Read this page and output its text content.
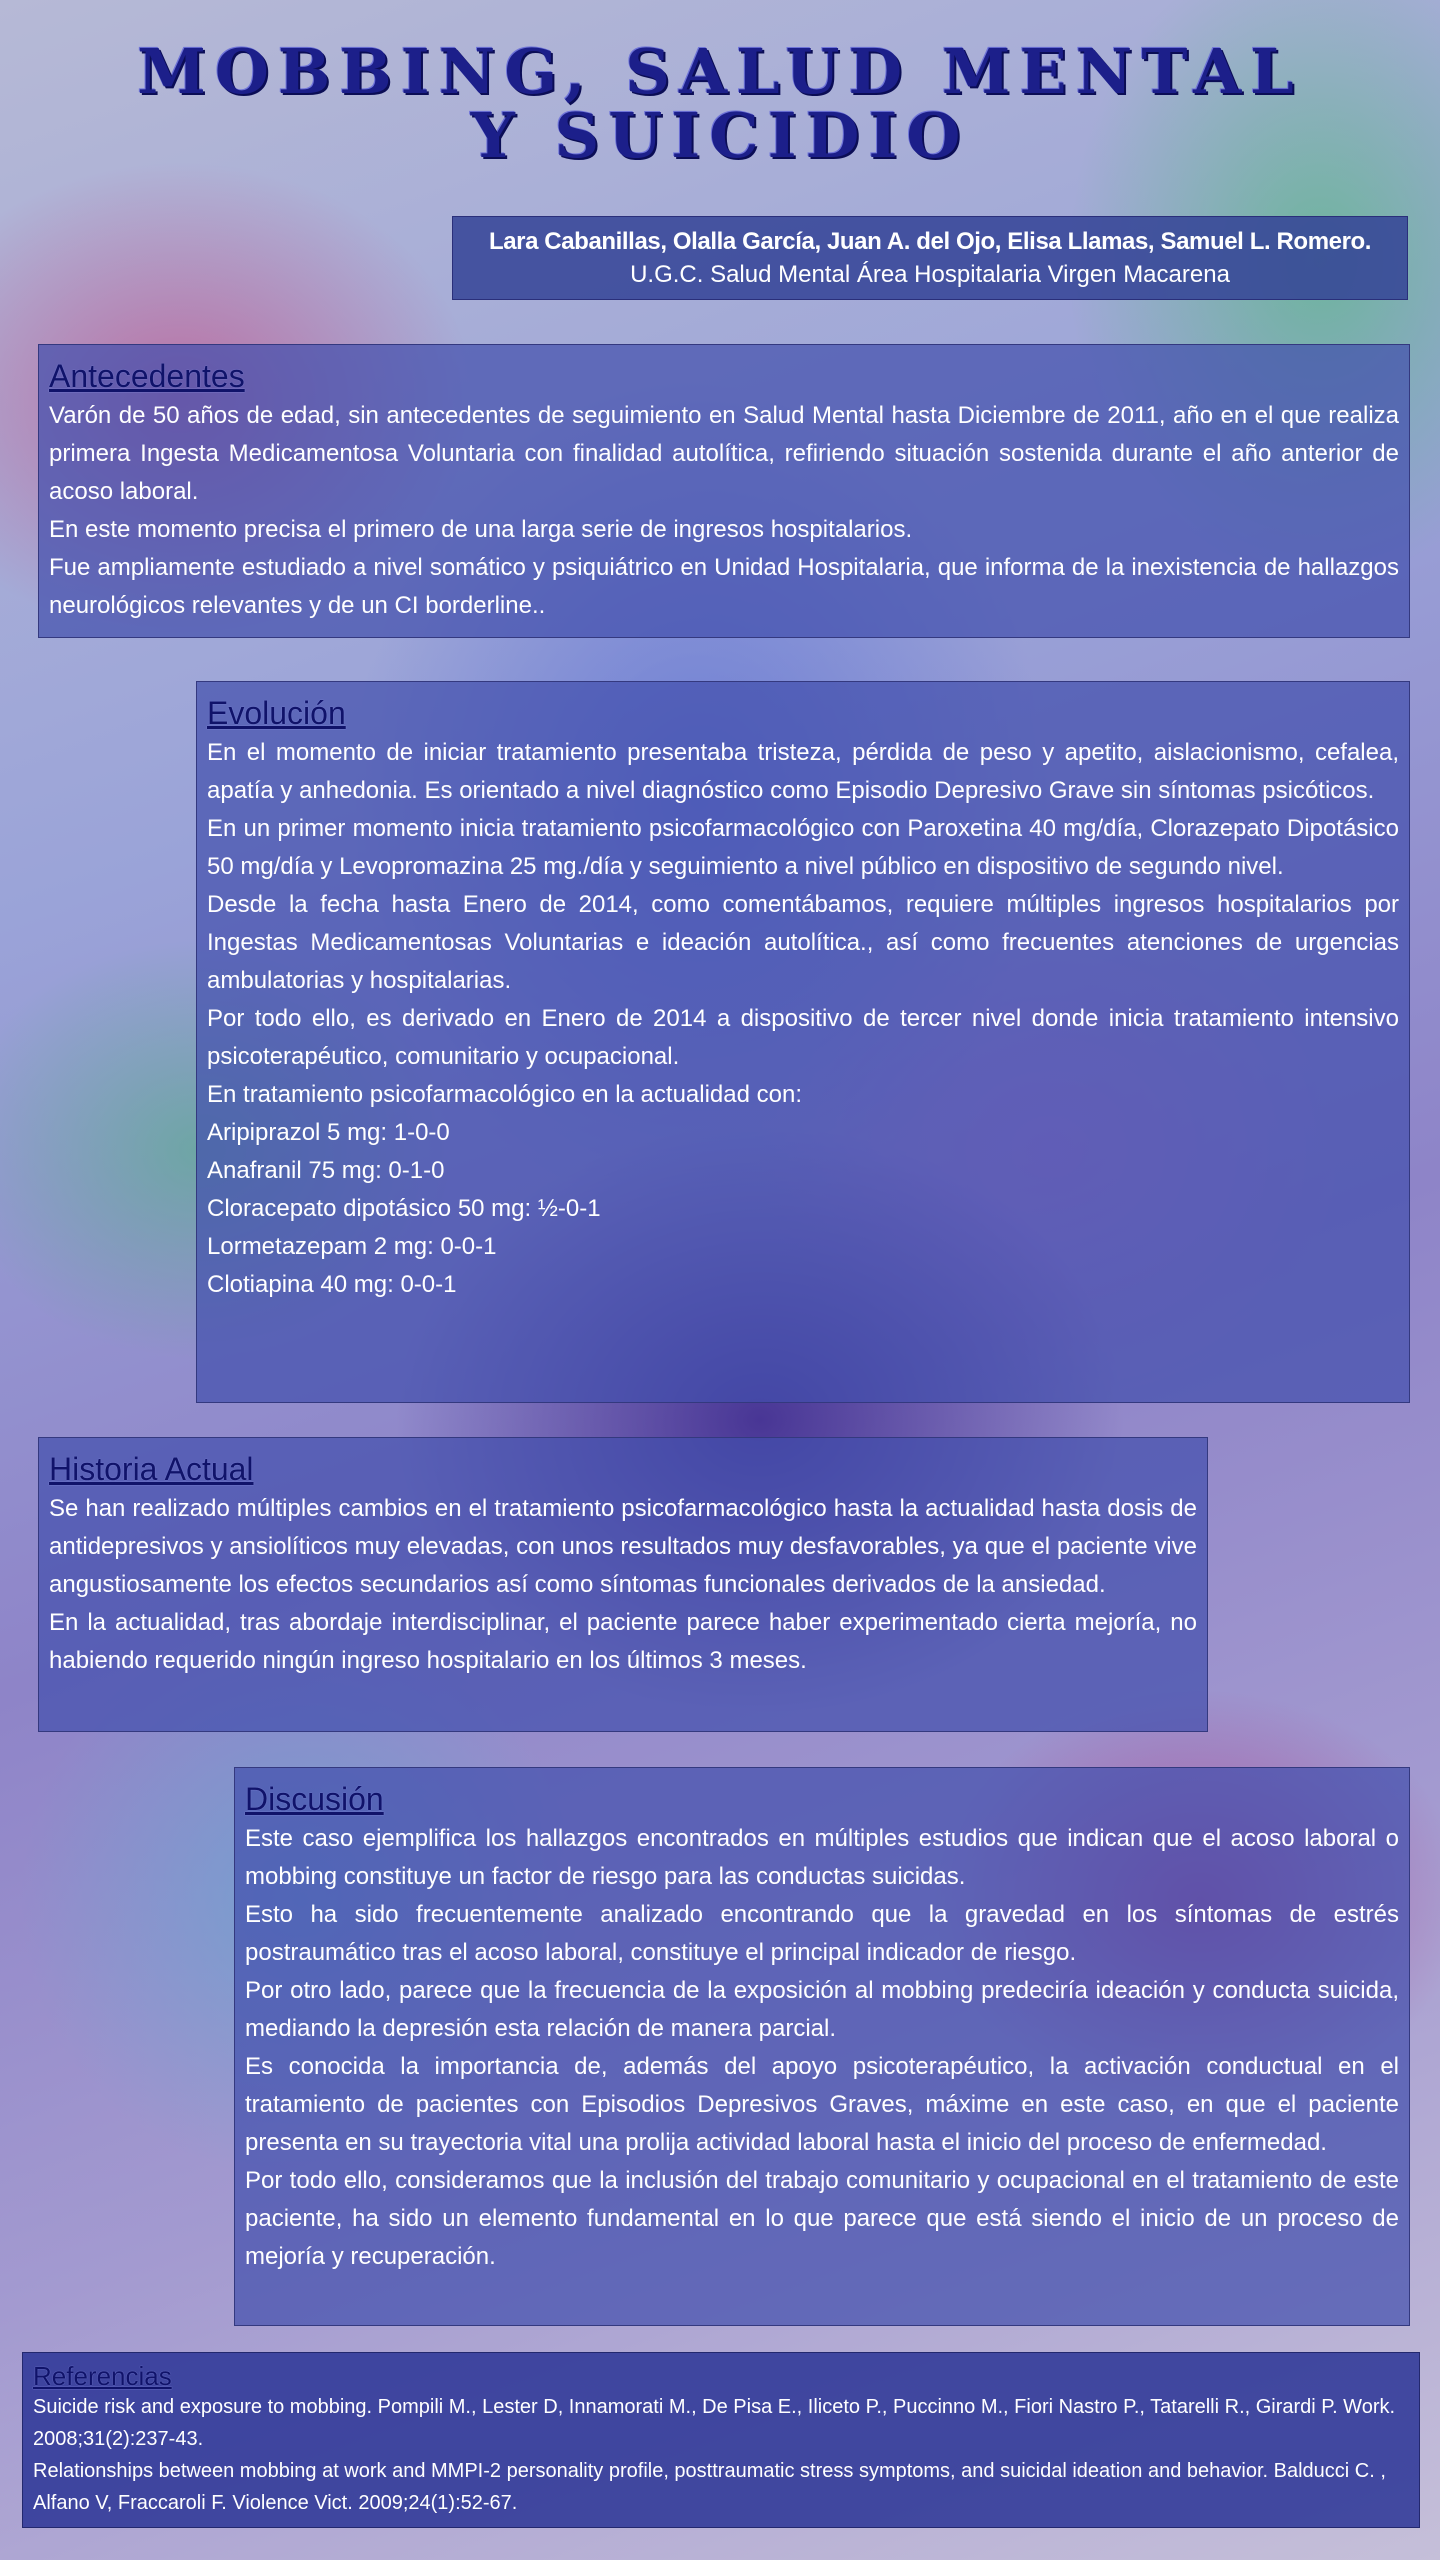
MOBBING, SALUD MENTAL
Y SUICIDIO
Lara Cabanillas, Olalla García, Juan A. del Ojo, Elisa Llamas, Samuel L. Romero.
U.G.C. Salud Mental Área Hospitalaria Virgen Macarena
Antecedentes

Varón de 50 años de edad, sin antecedentes de seguimiento en Salud Mental hasta Diciembre de 2011, año en el que realiza primera Ingesta Medicamentosa Voluntaria con finalidad autolítica, refiriendo situación sostenida durante el año anterior de acoso laboral.

En este momento precisa el primero de una larga serie de ingresos hospitalarios.

Fue ampliamente estudiado a nivel somático y psiquiátrico en Unidad Hospitalaria, que informa de la inexistencia de hallazgos neurológicos relevantes y de un CI borderline..

Evolución

En el momento de iniciar tratamiento presentaba tristeza, pérdida de peso y apetito, aislacionismo, cefalea, apatía y anhedonia. Es orientado a nivel diagnóstico como Episodio Depresivo Grave sin síntomas psicóticos.

En un primer momento inicia tratamiento psicofarmacológico con Paroxetina 40 mg/día, Clorazepato Dipotásico 50 mg/día y Levopromazina 25 mg./día y seguimiento a nivel público en dispositivo de segundo nivel.

Desde la fecha hasta Enero de 2014, como comentábamos, requiere múltiples ingresos hospitalarios por Ingestas Medicamentosas Voluntarias e ideación autolítica., así como frecuentes atenciones de urgencias ambulatorias y hospitalarias.

Por todo ello, es derivado en Enero de 2014 a dispositivo de tercer nivel donde inicia tratamiento intensivo psicoterapéutico, comunitario y ocupacional.

En tratamiento psicofarmacológico en la actualidad con:

Aripiprazol 5 mg: 1-0-0

Anafranil 75 mg: 0-1-0

Cloracepato dipotásico 50 mg: ½-0-1

Lormetazepam 2 mg: 0-0-1

Clotiapina 40 mg: 0-0-1

Historia Actual

Se han realizado múltiples cambios en el tratamiento psicofarmacológico hasta la actualidad hasta dosis de antidepresivos y ansiolíticos muy elevadas, con unos resultados muy desfavorables, ya que el paciente vive angustiosamente los efectos secundarios así como síntomas funcionales derivados de la ansiedad.

En la actualidad, tras abordaje interdisciplinar, el paciente parece haber experimentado cierta mejoría, no habiendo requerido ningún ingreso hospitalario en los últimos 3 meses.

Discusión

Este caso ejemplifica los hallazgos encontrados en múltiples estudios que indican que el acoso laboral o mobbing constituye un factor de riesgo para las conductas suicidas.

Esto ha sido frecuentemente analizado encontrando que la gravedad en los síntomas de estrés postraumático tras el acoso laboral, constituye el principal indicador de riesgo.

Por otro lado, parece que la frecuencia de la exposición al mobbing predeciría ideación y conducta suicida, mediando la depresión esta relación de manera parcial.

Es conocida la importancia de, además del apoyo psicoterapéutico, la activación conductual en el tratamiento de pacientes con Episodios Depresivos Graves, máxime en este caso, en que el paciente presenta en su trayectoria vital una prolija actividad laboral hasta el inicio del proceso de enfermedad.

Por todo ello, consideramos que la inclusión del trabajo comunitario y ocupacional en el tratamiento de este paciente, ha sido un elemento fundamental en lo que parece que está siendo el inicio de un proceso de mejoría y recuperación.

Referencias

Suicide risk and exposure to mobbing. Pompili M., Lester D, Innamorati M., De Pisa E., Iliceto P., Puccinno M., Fiori Nastro P., Tatarelli R., Girardi P. Work. 2008;31(2):237-43.

Relationships between mobbing at work and MMPI-2 personality profile, posttraumatic stress symptoms, and suicidal ideation and behavior. Balducci C. , Alfano V, Fraccaroli F. Violence Vict. 2009;24(1):52-67.
